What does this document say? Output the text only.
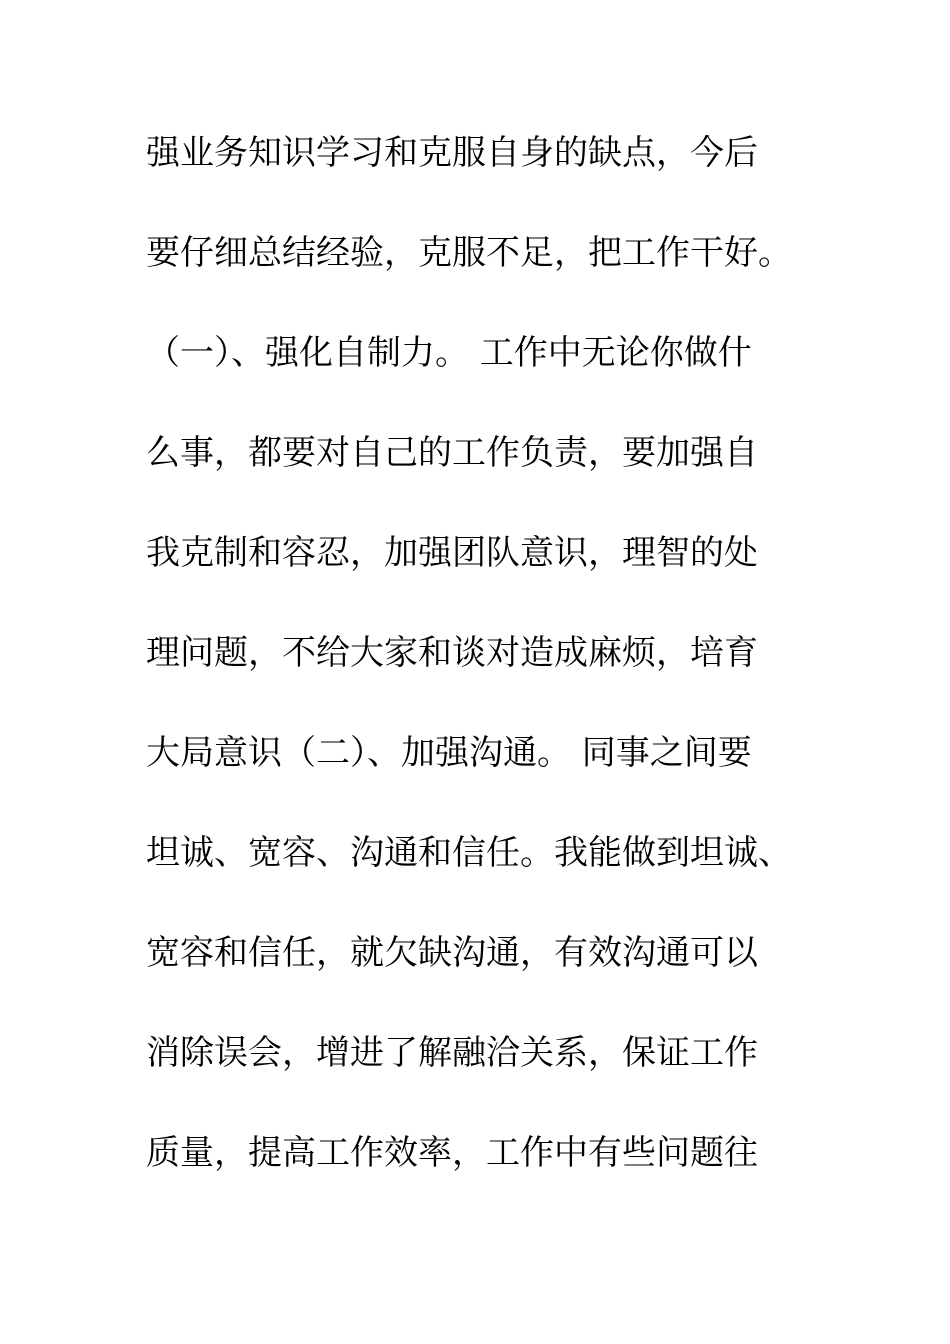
强业务知识学习和克服自身的缺点，今后

要仔细总结经验，克服不足，把工作干好。

（一）、强化自制力。 工作中无论你做什

么事，都要对自己的工作负责，要加强自

我克制和容忍，加强团队意识，理智的处

理问题，不给大家和谈对造成麻烦，培育

大局意识（二）、加强沟通。 同事之间要

坦诚、宽容、沟通和信任。我能做到坦诚、

宽容和信任，就欠缺沟通，有效沟通可以

消除误会，增进了解融洽关系，保证工作

质量，提高工作效率，工作中有些问题往
